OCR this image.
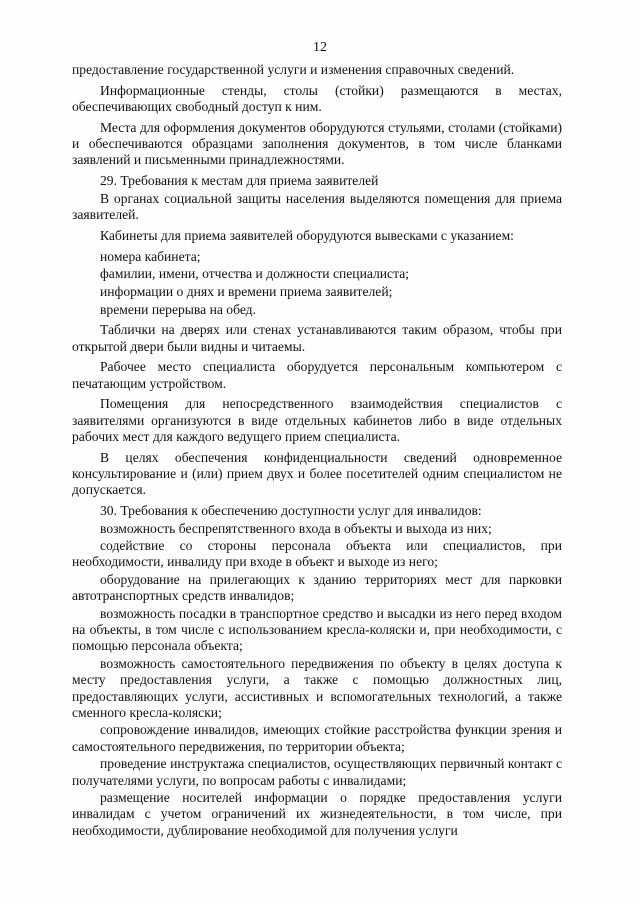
12

предоставление государственной услуги и изменения справочных сведений.

Информационные стенды, столы (стойки) размещаются в местах, обеспечивающих свободный доступ к ним.

Места для оформления документов оборудуются стульями, столами (стойками) и обеспечиваются образцами заполнения документов, в том числе бланками заявлений и письменными принадлежностями.

29. Требования к местам для приема заявителей

В органах социальной защиты населения выделяются помещения для приема заявителей.

Кабинеты для приема заявителей оборудуются вывесками с указанием:

номера кабинета;

фамилии, имени, отчества и должности специалиста;

информации о днях и времени приема заявителей;

времени перерыва на обед.

Таблички на дверях или стенах устанавливаются таким образом, чтобы при открытой двери были видны и читаемы.

Рабочее место специалиста оборудуется персональным компьютером с печатающим устройством.

Помещения для непосредственного взаимодействия специалистов с заявителями организуются в виде отдельных кабинетов либо в виде отдельных рабочих мест для каждого ведущего прием специалиста.

В целях обеспечения конфиденциальности сведений одновременное консультирование и (или) прием двух и более посетителей одним специалистом не допускается.

30. Требования к обеспечению доступности услуг для инвалидов:

возможность беспрепятственного входа в объекты и выхода из них;

содействие со стороны персонала объекта или специалистов, при необходимости, инвалиду при входе в объект и выходе из него;

оборудование на прилегающих к зданию территориях мест для парковки автотранспортных средств инвалидов;

возможность посадки в транспортное средство и высадки из него перед входом на объекты, в том числе с использованием кресла-коляски и, при необходимости, с помощью персонала объекта;

возможность самостоятельного передвижения по объекту в целях доступа к месту предоставления услуги, а также с помощью должностных лиц, предоставляющих услуги, ассистивных и вспомогательных технологий, а также сменного кресла-коляски;

сопровождение инвалидов, имеющих стойкие расстройства функции зрения и самостоятельного передвижения, по территории объекта;

проведение инструктажа специалистов, осуществляющих первичный контакт с получателями услуги, по вопросам работы с инвалидами;

размещение носителей информации о порядке предоставления услуги инвалидам с учетом ограничений их жизнедеятельности, в том числе, при необходимости, дублирование необходимой для получения услуги
